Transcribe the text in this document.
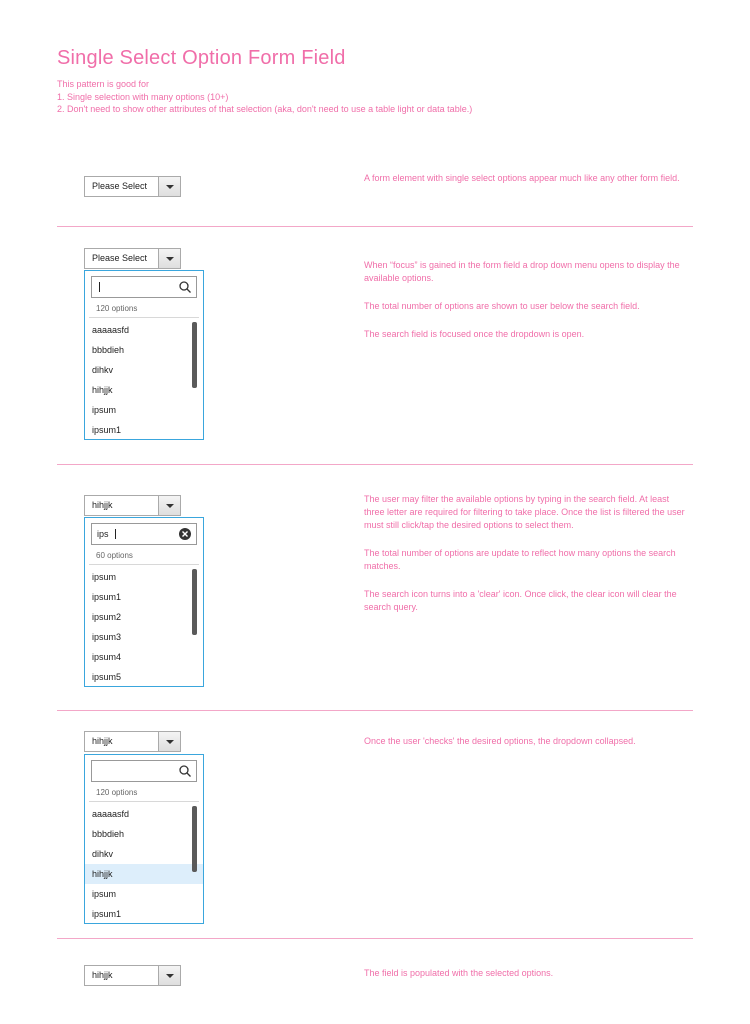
Single Select Option Form Field
This pattern is good for
1. Single selection with many options (10+)
2. Don't need to show other attributes of that selection (aka, don't need to use a table light or data table.)
Please Select

A form element with single select options appear much like any other form field.

Please Select
120 options
aaaaasfd
bbbdieh
dihkv
hihjjk
ipsum
ipsum1

When “focus” is gained in the form field a drop down menu opens to display the available options.

The total number of options are shown to user below the search field.

The search field is focused once the dropdown is open.

hihjjk
ips
60 options
ipsum
ipsum1
ipsum2
ipsum3
ipsum4
ipsum5

The user may filter the available options by typing in the search field. At least three letter are required for filtering to take place. Once the list is filtered the user must still click/tap the desired options to select them.

The total number of options are update to reflect how many options the search matches.

The search icon turns into a 'clear' icon. Once click, the clear icon will clear the search query.

hihjjk
120 options
aaaaasfd
bbbdieh
dihkv
hihjjk
ipsum
ipsum1

Once the user 'checks' the desired options, the dropdown collapsed.

hihjjk	The field is populated with the selected options.
